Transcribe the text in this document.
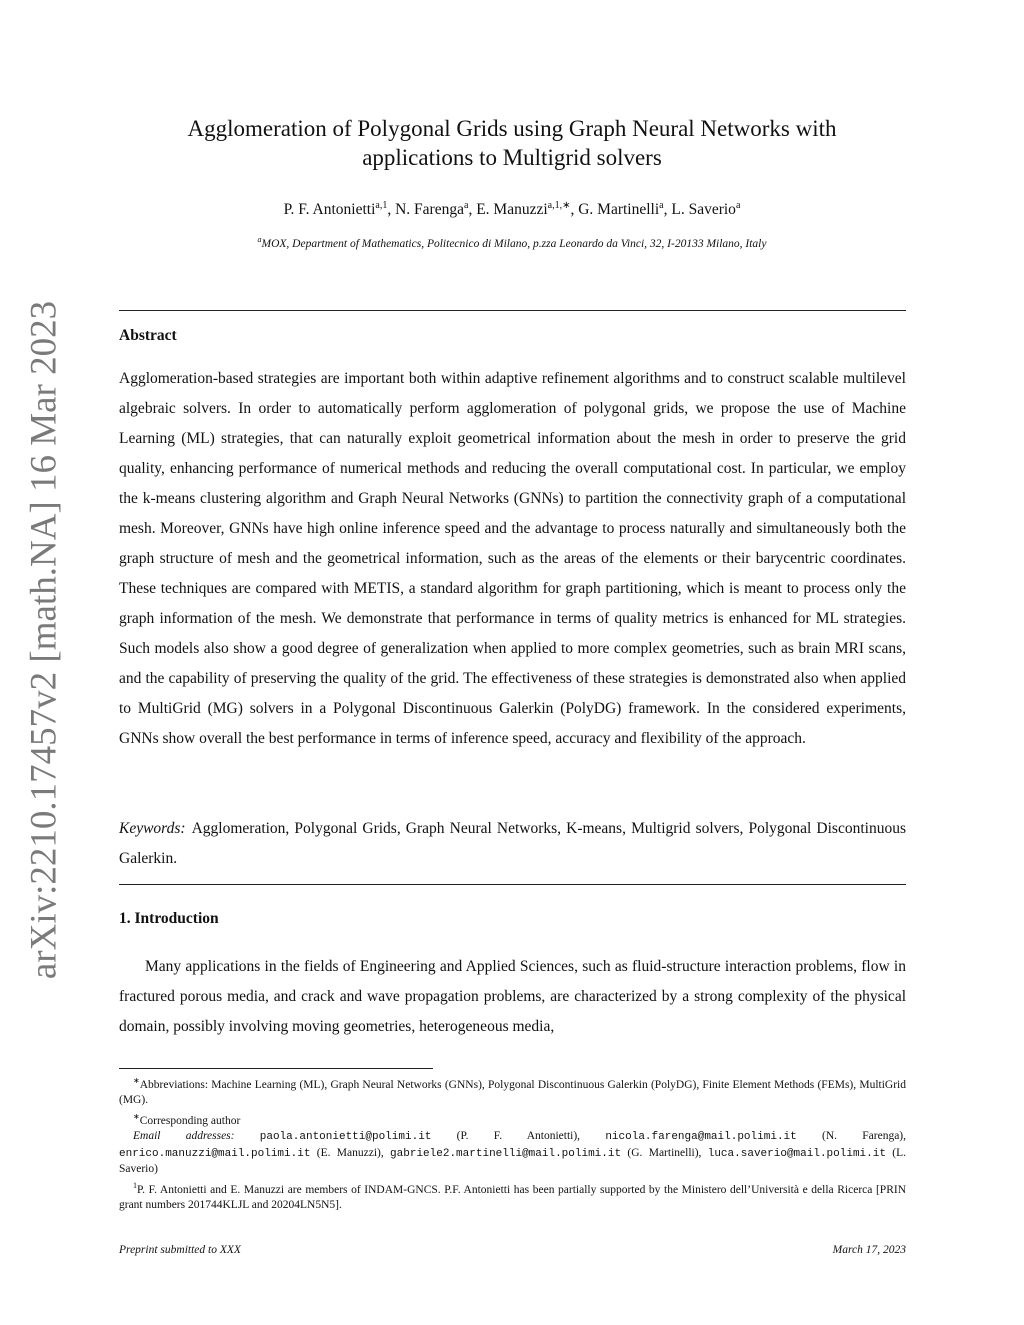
arXiv:2210.17457v2 [math.NA] 16 Mar 2023
Agglomeration of Polygonal Grids using Graph Neural Networks with
applications to Multigrid solvers
P. F. Antonietti$^{a,1}$, N. Farenga$^a$, E. Manuzzi$^{a,1,∗}$, G. Martinelli$^a$, L. Saverio$^a$
$^a$MOX, Department of Mathematics, Politecnico di Milano, p.zza Leonardo da Vinci, 32, I-20133 Milano, Italy
Abstract
Agglomeration-based strategies are important both within adaptive refinement algorithms and to construct scalable multilevel algebraic solvers. In order to automatically perform agglomeration of polygonal grids, we propose the use of Machine Learning (ML) strategies, that can naturally exploit geometrical information about the mesh in order to preserve the grid quality, enhancing performance of numerical methods and reducing the overall computational cost. In particular, we employ the k-means clustering algorithm and Graph Neural Networks (GNNs) to partition the connectivity graph of a computational mesh. Moreover, GNNs have high online inference speed and the advantage to process naturally and simultaneously both the graph structure of mesh and the geometrical information, such as the areas of the elements or their barycentric coordinates. These techniques are compared with METIS, a standard algorithm for graph partitioning, which is meant to process only the graph information of the mesh. We demonstrate that performance in terms of quality metrics is enhanced for ML strategies. Such models also show a good degree of generalization when applied to more complex geometries, such as brain MRI scans, and the capability of preserving the quality of the grid. The effectiveness of these strategies is demonstrated also when applied to MultiGrid (MG) solvers in a Polygonal Discontinuous Galerkin (PolyDG) framework. In the considered experiments, GNNs show overall the best performance in terms of inference speed, accuracy and flexibility of the approach.
Keywords: Agglomeration, Polygonal Grids, Graph Neural Networks, K-means, Multigrid solvers, Polygonal Discontinuous Galerkin.
1. Introduction
Many applications in the fields of Engineering and Applied Sciences, such as fluid-structure interaction problems, flow in fractured porous media, and crack and wave propagation problems, are characterized by a strong complexity of the physical domain, possibly involving moving geometries, heterogeneous media,

∗Abbreviations: Machine Learning (ML), Graph Neural Networks (GNNs), Polygonal Discontinuous Galerkin (PolyDG), Finite Element Methods (FEMs), MultiGrid (MG).

∗Corresponding author

Email addresses: paola.antonietti@polimi.it (P. F. Antonietti), nicola.farenga@mail.polimi.it (N. Farenga), enrico.manuzzi@mail.polimi.it (E. Manuzzi), gabriele2.martinelli@mail.polimi.it (G. Martinelli), luca.saverio@mail.polimi.it (L. Saverio)

$^1$P. F. Antonietti and E. Manuzzi are members of INDAM-GNCS. P.F. Antonietti has been partially supported by the Ministero dell’Università e della Ricerca [PRIN grant numbers 201744KLJL and 20204LN5N5].

Preprint submitted to XXX	March 17, 2023
